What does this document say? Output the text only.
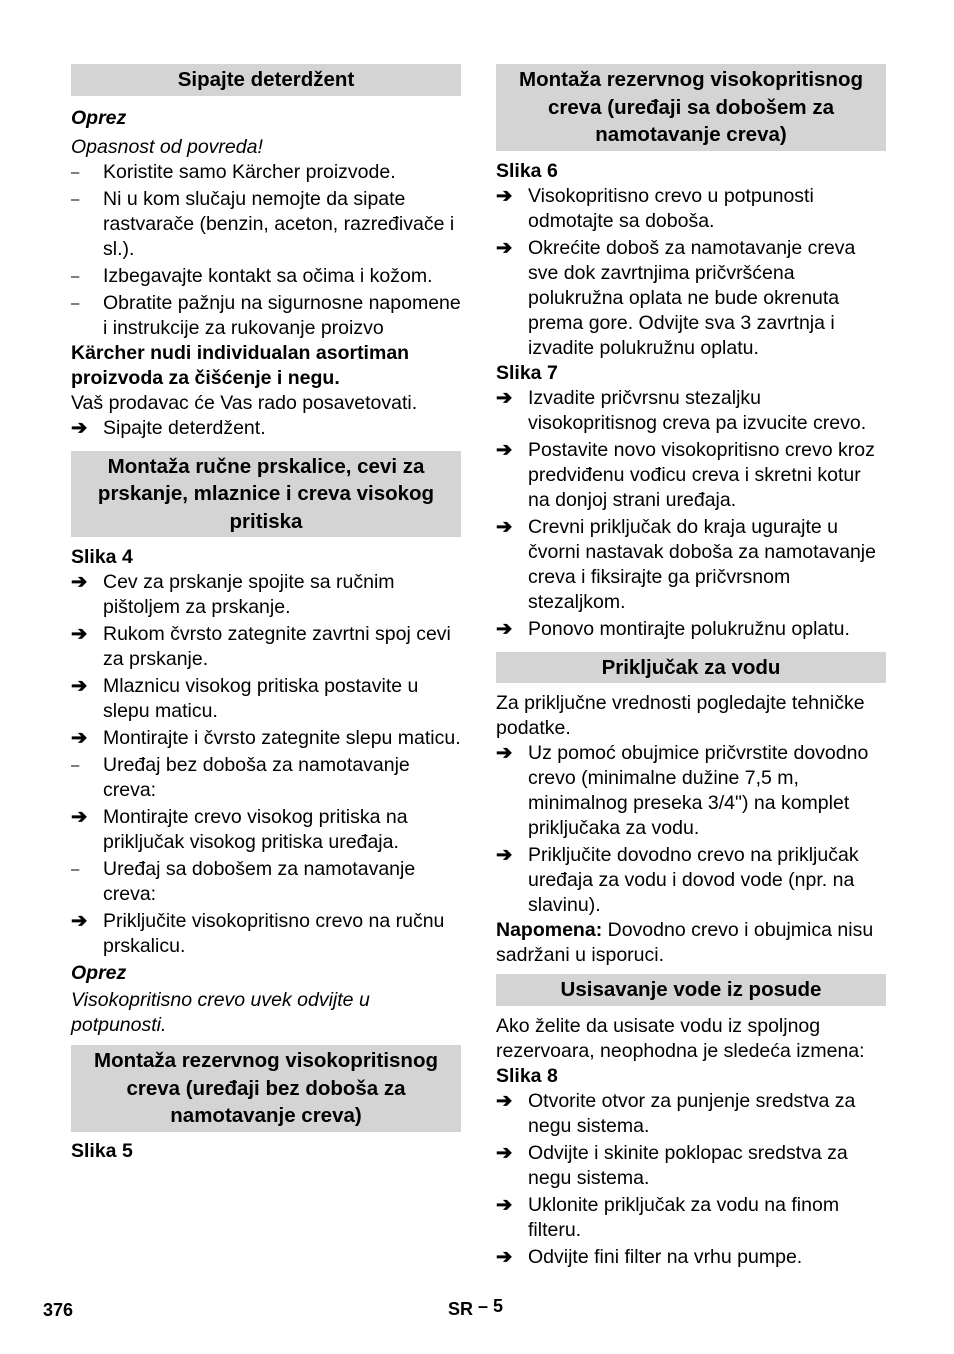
Sipajte deterdžent
Oprez
Opasnost od povreda!
–	Koristite samo Kärcher proizvode.
–	Ni u kom slučaju nemojte da sipate rastvarače (benzin, aceton, razređivače i sl.).
–	Izbegavajte kontakt sa očima i kožom.
–	Obratite pažnju na sigurnosne napomene i instrukcije za rukovanje proizvo
Kärcher nudi individualan asortiman proizvoda za čišćenje i negu.
Vaš prodavac će Vas rado posavetovati.
➔ Sipajte deterdžent.
Montaža ručne prskalice, cevi za prskanje, mlaznice i creva visokog pritiska
Slika 4
➔ Cev za prskanje spojite sa ručnim pištoljem za prskanje.
➔ Rukom čvrsto zategnite zavrtni spoj cevi za prskanje.
➔ Mlaznicu visokog pritiska postavite u slepu maticu.
➔ Montirajte i čvrsto zategnite slepu maticu.
–	Uređaj bez doboša za namotavanje creva:
➔ Montirajte crevo visokog pritiska na priključak visokog pritiska uređaja.
–	Uređaj sa dobošem za namotavanje creva:
➔ Priključite visokopritisno crevo na ručnu prskalicu.
Oprez
Visokopritisno crevo uvek odvijte u potpunosti.
Montaža rezervnog visokopritisnog creva (uređaji bez doboša za namotavanje creva)
Slika 5
Montaža rezervnog visokopritisnog creva (uređaji sa dobošem za namotavanje creva)
Slika 6
➔ Visokopritisno crevo u potpunosti odmotajte sa doboša.
➔ Okrećite doboš za namotavanje creva sve dok zavrtnjima pričvršćena polukružna oplata ne bude okrenuta prema gore. Odvijte sva 3 zavrtnja i izvadite polukružnu oplatu.
Slika 7
➔ Izvadite pričvrsnu stezaljku visokopritisnog creva pa izvucite crevo.
➔ Postavite novo visokopritisno crevo kroz predviđenu vođicu creva i skretni kotur na donjoj strani uređaja.
➔ Crevni priključak do kraja ugurajte u čvorni nastavak doboša za namotavanje creva i fiksirajte ga pričvrsnom stezaljkom.
➔ Ponovo montirajte polukružnu oplatu.
Priključak za vodu
Za priključne vrednosti pogledajte tehničke podatke.
➔ Uz pomoć obujmice pričvrstite dovodno crevo (minimalne dužine 7,5 m, minimalnog preseka 3/4") na komplet priključaka za vodu.
➔ Priključite dovodno crevo na priključak uređaja za vodu i dovod vode (npr. na slavinu).
Napomena: Dovodno crevo i obujmica nisu sadržani u isporuci.
Usisavanje vode iz posude
Ako želite da usisate vodu iz spoljnog rezervoara, neophodna je sledeća izmena:
Slika 8
➔ Otvorite otvor za punjenje sredstva za negu sistema.
➔ Odvijte i skinite poklopac sredstva za negu sistema.
➔ Uklonite priključak za vodu na finom filteru.
➔ Odvijte fini filter na vrhu pumpe.
376	SR – 5
